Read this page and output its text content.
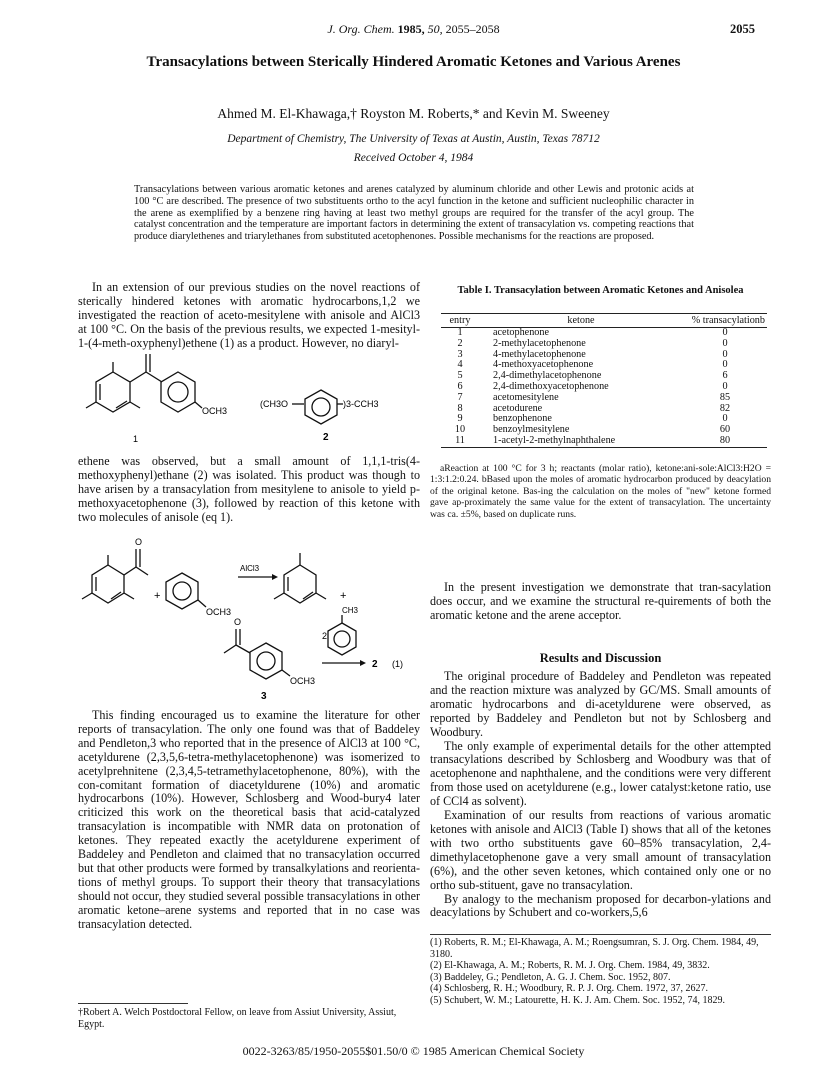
J. Org. Chem. 1985, 50, 2055–2058	2055
Transacylations between Sterically Hindered Aromatic Ketones and Various Arenes
Ahmed M. El-Khawaga,† Royston M. Roberts,* and Kevin M. Sweeney
Department of Chemistry, The University of Texas at Austin, Austin, Texas 78712
Received October 4, 1984

Transacylations between various aromatic ketones and arenes catalyzed by aluminum chloride and other Lewis and protonic acids at 100 °C are described. The presence of two substituents ortho to the acyl function in the ketone and sufficient nucleophilic character in the arene as exemplified by a benzene ring having at least two methyl groups are required for the transfer of the acyl group. The catalyst concentration and the temperature are important factors in determining the extent of transacylation vs. competing reactions that produce diarylethenes and triarylethanes from substituted acetophenones. Possible mechanisms for the reactions are proposed.

In an extension of our previous studies on the novel reactions of sterically hindered ketones with aromatic hydrocarbons,1,2 we investigated the reaction of aceto-mesitylene with anisole and AlCl3 at 100 °C. On the basis of the previous results, we expected 1-mesityl-1-(4-meth-oxyphenyl)ethene (1) as a product. However, no diaryl-

OCH3
1
(CH3O	)3-CCH3
2

ethene was observed, but a small amount of 1,1,1-tris(4-methoxyphenyl)ethane (2) was isolated. This product was though to have arisen by a transacylation from mesitylene to anisole to yield p-methoxyacetophenone (3), followed by reaction of this ketone with two molecules of anisole (eq 1).

O
+
OCH3
AlCl3
+
O
OCH3
3
2
CH3
2 (1)

This finding encouraged us to examine the literature for other reports of transacylation. The only one found was that of Baddeley and Pendleton,3 who reported that in the presence of AlCl3 at 100 °C, acetyldurene (2,3,5,6-tetra-methylacetophenone) was isomerized to acetylprehnitene (2,3,4,5-tetramethylacetophenone, 80%), with the con-comitant formation of diacetyldurene (10%) and aromatic hydrocarbons (10%). However, Schlosberg and Wood-bury4 later criticized this work on the theoretical basis that acid-catalyzed transacylation is incompatible with NMR data on protonation of ketones. They repeated exactly the acetyldurene experiment of Baddeley and Pendleton and claimed that no transacylation occurred but that other products were formed by transalkylations and reorienta-tions of methyl groups. To support their theory that transacylations should not occur, they studied several possible transacylations in other aromatic ketone–arene systems and reported that in no case was transacylation detected.

†Robert A. Welch Postdoctoral Fellow, on leave from Assiut University, Assiut, Egypt.

Table I. Transacylation between Aromatic Ketones and Anisolea
entry	ketone	% transacylationb
1	acetophenone	0
2	2-methylacetophenone	0
3	4-methylacetophenone	0
4	4-methoxyacetophenone	0
5	2,4-dimethylacetophenone	6
6	2,4-dimethoxyacetophenone	0
7	acetomesitylene	85
8	acetodurene	82
9	benzophenone	0
10	benzoylmesitylene	60
11	1-acetyl-2-methylnaphthalene	80

aReaction at 100 °C for 3 h; reactants (molar ratio), ketone:ani-sole:AlCl3:H2O = 1:3:1.2:0.24. bBased upon the moles of aromatic hydrocarbon produced by deacylation of the original ketone. Bas-ing the calculation on the moles of "new" ketone formed gave ap-proximately the same value for the extent of transacylation. The uncertainty was ca. ±5%, based on duplicate runs.

In the present investigation we demonstrate that tran-sacylation does occur, and we examine the structural re-quirements of both the aromatic ketone and the arene acceptor.

Results and Discussion

The original procedure of Baddeley and Pendleton was repeated and the reaction mixture was analyzed by GC/MS. Small amounts of aromatic hydrocarbons and di-acetyldurene were observed, as reported by Baddeley and Pendleton but not by Schlosberg and Woodbury.

The only example of experimental details for the other attempted transacylations described by Schlosberg and Woodbury was that of acetophenone and naphthalene, and the conditions were very different from those used on acetyldurene (e.g., lower catalyst:ketone ratio, use of CCl4 as solvent).

Examination of our results from reactions of various aromatic ketones with anisole and AlCl3 (Table I) shows that all of the ketones with two ortho substituents gave 60–85% transacylation, 2,4-dimethylacetophenone gave a very small amount of transacylation (6%), and the other seven ketones, which contained only one or no ortho sub-stituent, gave no transacylation.

By analogy to the mechanism proposed for decarbon-ylations and deacylations by Schubert and co-workers,5,6

(1) Roberts, R. M.; El-Khawaga, A. M.; Roengsumran, S. J. Org. Chem. 1984, 49, 3180.

(2) El-Khawaga, A. M.; Roberts, R. M. J. Org. Chem. 1984, 49, 3832.

(3) Baddeley, G.; Pendleton, A. G. J. Chem. Soc. 1952, 807.

(4) Schlosberg, R. H.; Woodbury, R. P. J. Org. Chem. 1972, 37, 2627.

(5) Schubert, W. M.; Latourette, H. K. J. Am. Chem. Soc. 1952, 74, 1829.

0022-3263/85/1950-2055$01.50/0 © 1985 American Chemical Society
